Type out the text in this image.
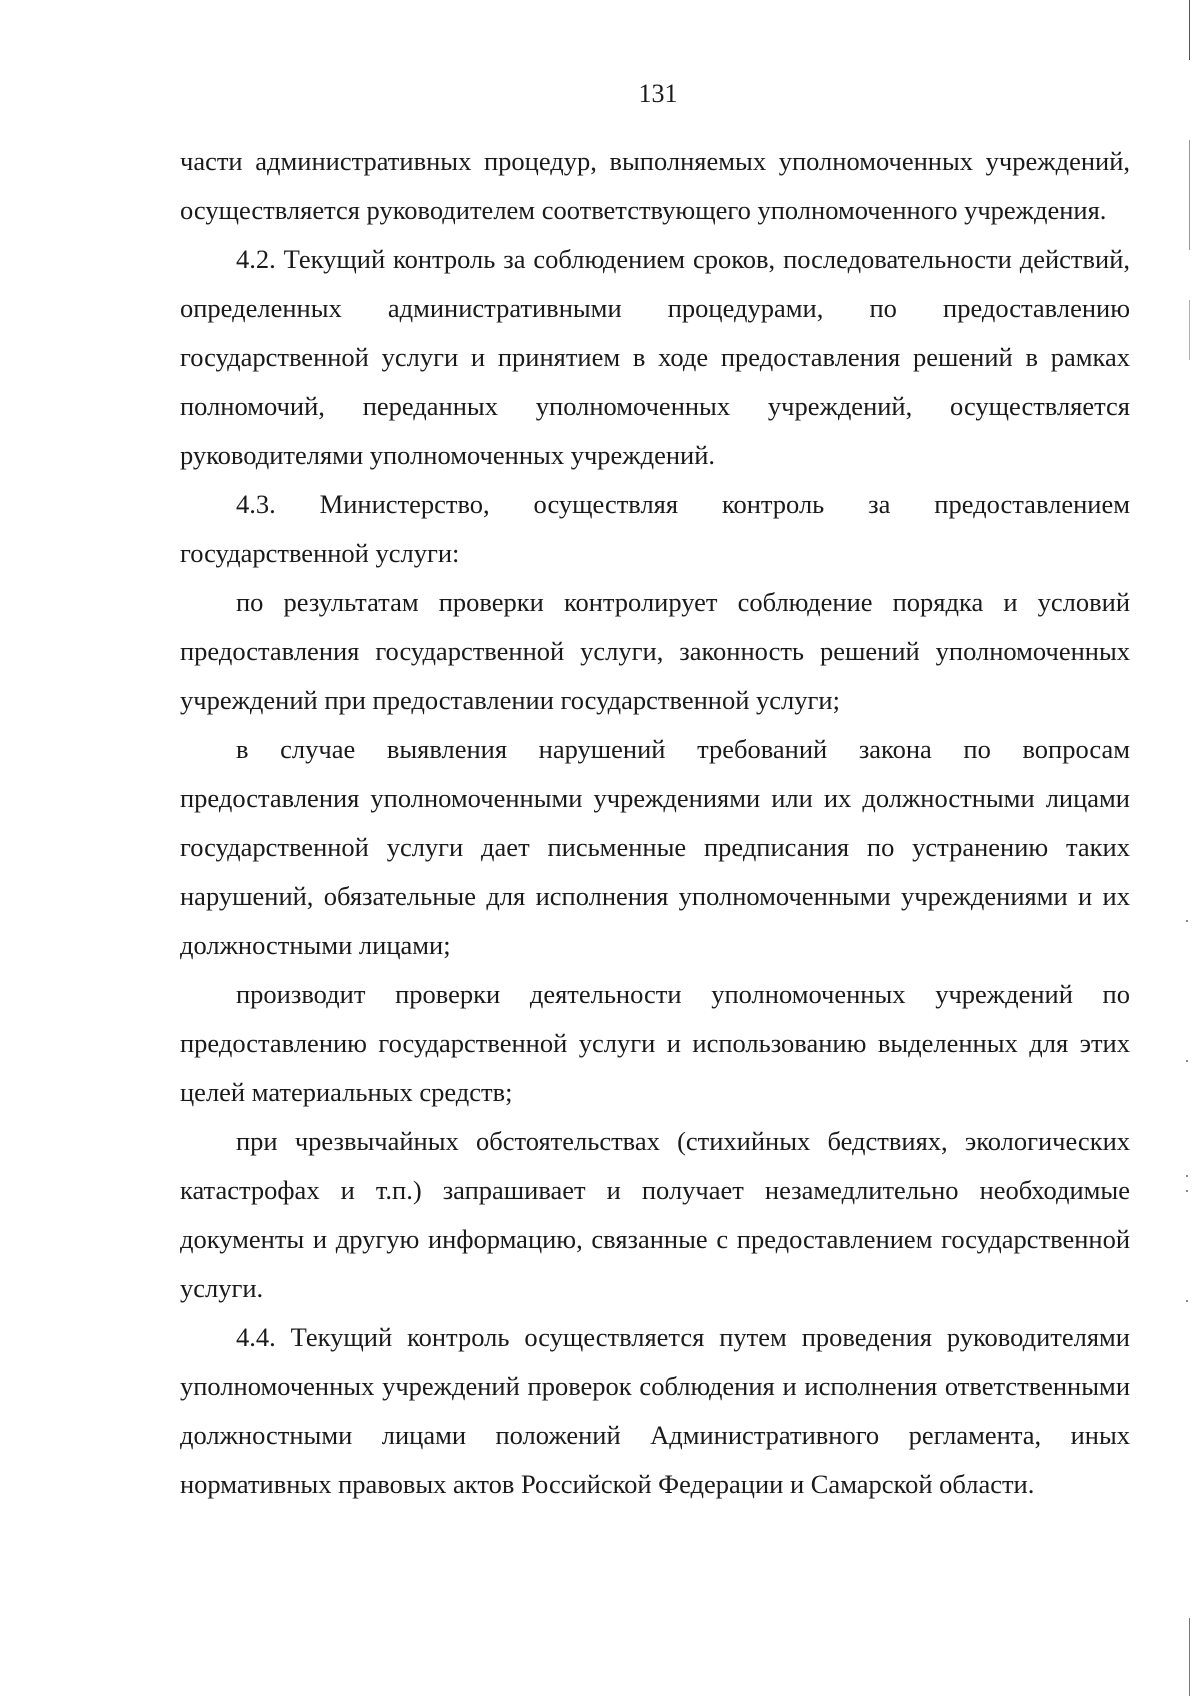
131

части административных процедур, выполняемых уполномоченных учреждений, осуществляется руководителем соответствующего уполномоченного учреждения.

4.2. Текущий контроль за соблюдением сроков, последовательности действий, определенных административными процедурами, по предоставлению государственной услуги и принятием в ходе предоставления решений в рамках полномочий, переданных уполномоченных учреждений, осуществляется руководителями уполномоченных учреждений.

4.3. Министерство, осуществляя контроль за предоставлением государственной услуги:

по результатам проверки контролирует соблюдение порядка и условий предоставления государственной услуги, законность решений уполномоченных учреждений при предоставлении государственной услуги;

в случае выявления нарушений требований закона по вопросам предоставления уполномоченными учреждениями или их должностными лицами государственной услуги дает письменные предписания по устранению таких нарушений, обязательные для исполнения уполномоченными учреждениями и их должностными лицами;

производит проверки деятельности уполномоченных учреждений по предоставлению государственной услуги и использованию выделенных для этих целей материальных средств;

при чрезвычайных обстоятельствах (стихийных бедствиях, экологических катастрофах и т.п.) запрашивает и получает незамедлительно необходимые документы и другую информацию, связанные с предоставлением государственной услуги.

4.4. Текущий контроль осуществляется путем проведения руководителями уполномоченных учреждений проверок соблюдения и исполнения ответственными должностными лицами положений Административного регламента, иных нормативных правовых актов Российской Федерации и Самарской области.
